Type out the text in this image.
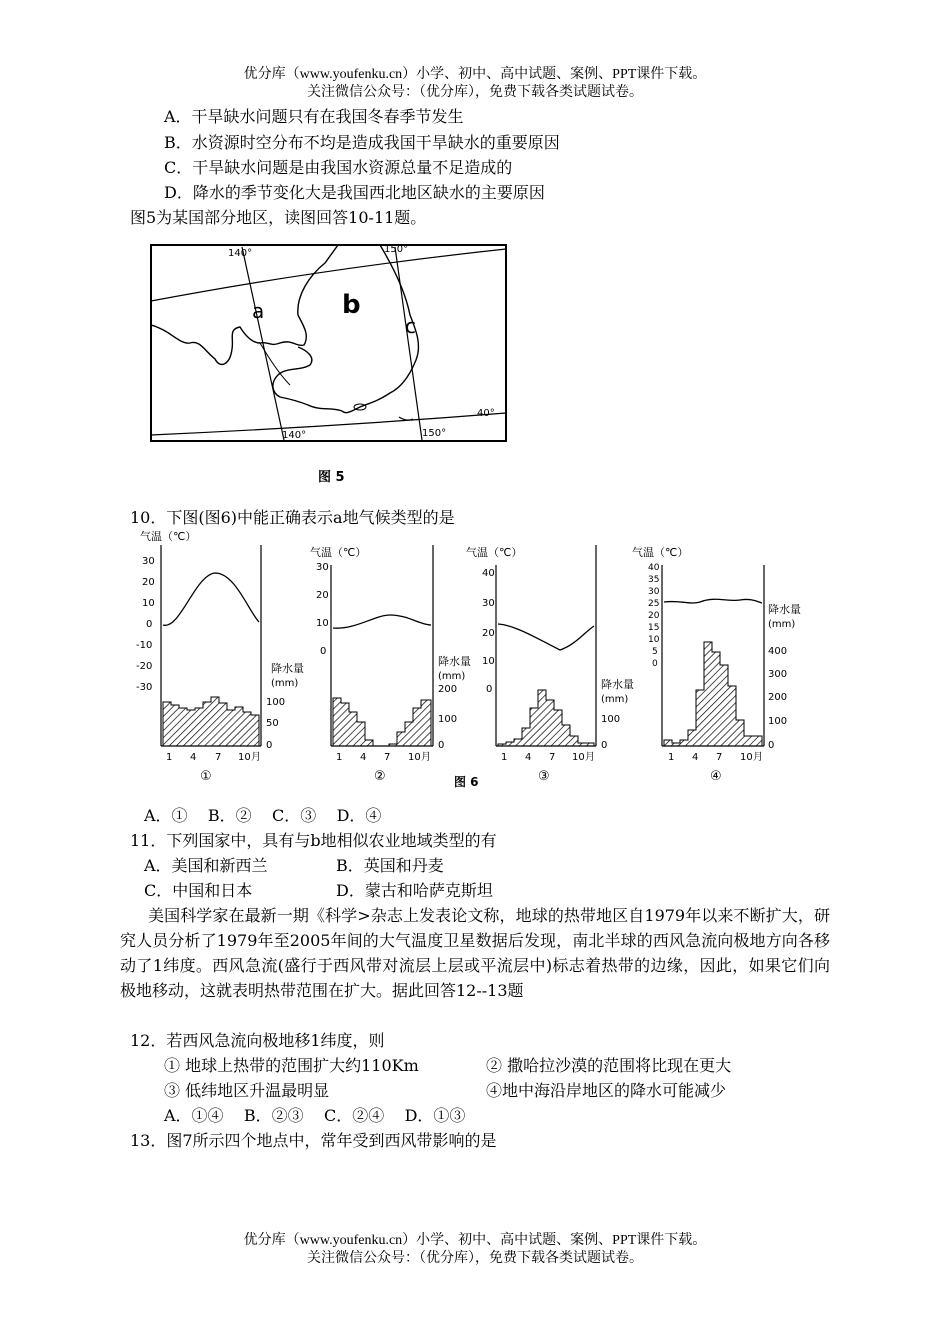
优分库（www.youfenku.cn）小学、初中、高中试题、案例、PPT课件下载。
关注微信公众号：（优分库），免费下载各类试题试卷。
A．干旱缺水问题只有在我国冬春季节发生
B．水资源时空分布不均是造成我国干旱缺水的重要原因
C．干旱缺水问题是由我国水资源总量不足造成的
D．降水的季节变化大是我国西北地区缺水的主要原因
图5为某国部分地区，读图回答10-11题。
a	b
c
140°	150°
140°	150°
40°
图 5
10．下图(图6)中能正确表示a地气候类型的是
气温（℃）
30
20
10
0
-10
-20
-30
降水量
(mm)
100
50
0
1 4 7 10 月
①
气温（℃）
30
20
10
0
降水量
(mm)
200
100
0
1 4 7 10 月
②
气温（℃）
40
30
20
10
0	降水量
(mm)
100
0
1 4 7 10 月
③
图 6
气温（℃）
40
35
30
25
20
15
10
5
0
降水量
(mm)
400
300
200
100
0
1 4 7 10 月
④
A．①    B．②    C．③    D．④
11．下列国家中，具有与b地相似农业地域类型的有
A．美国和新西兰	B．英国和丹麦
C．中国和日本	D．蒙古和哈萨克斯坦
美国科学家在最新一期《科学>杂志上发表论文称，地球的热带地区自1979年以来不断扩大，研究人员分析了1979年至2005年间的大气温度卫星数据后发现，南北半球的西风急流向极地方向各移动了1纬度。西风急流(盛行于西风带对流层上层或平流层中)标志着热带的边缘，因此，如果它们向极地移动，这就表明热带范围在扩大。据此回答12--13题
12．若西风急流向极地移1纬度，则
① 地球上热带的范围扩大约110Km	② 撒哈拉沙漠的范围将比现在更大
③ 低纬地区升温最明显	④地中海沿岸地区的降水可能减少
A．①④    B．②③    C．②④    D．①③
13．图7所示四个地点中，常年受到西风带影响的是
优分库（www.youfenku.cn）小学、初中、高中试题、案例、PPT课件下载。
关注微信公众号：（优分库），免费下载各类试题试卷。
